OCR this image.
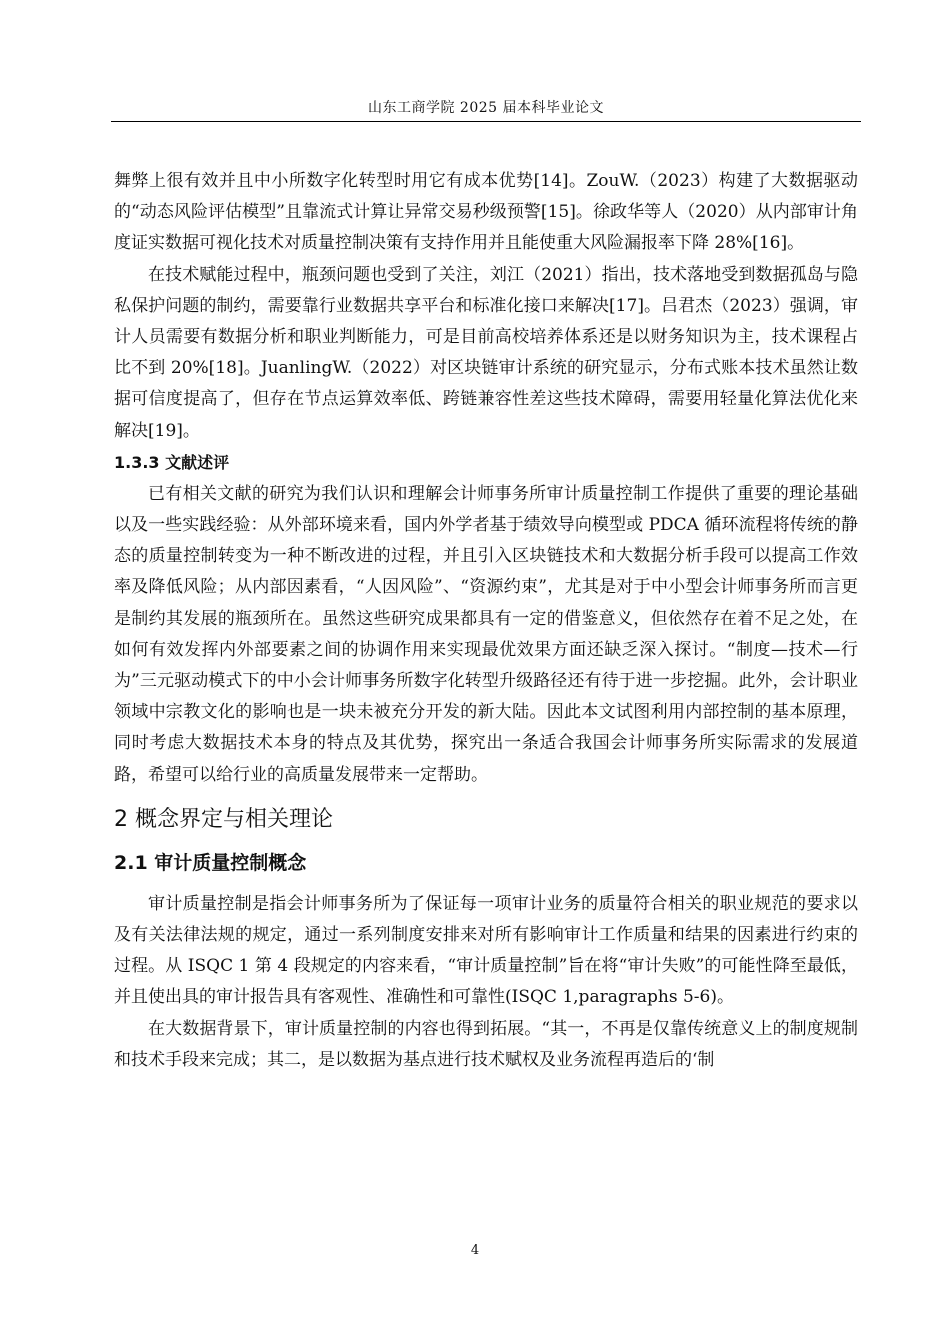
山东工商学院 2025 届本科毕业论文

舞弊上很有效并且中小所数字化转型时用它有成本优势[14]。ZouW.（2023）构建了大数据驱动的“动态风险评估模型”且靠流式计算让异常交易秒级预警[15]。徐政华等人（2020）从内部审计角度证实数据可视化技术对质量控制决策有支持作用并且能使重大风险漏报率下降 28%[16]。

在技术赋能过程中，瓶颈问题也受到了关注，刘江（2021）指出，技术落地受到数据孤岛与隐私保护问题的制约，需要靠行业数据共享平台和标准化接口来解决[17]。吕君杰（2023）强调，审计人员需要有数据分析和职业判断能力，可是目前高校培养体系还是以财务知识为主，技术课程占比不到 20%[18]。JuanlingW.（2022）对区块链审计系统的研究显示，分布式账本技术虽然让数据可信度提高了，但存在节点运算效率低、跨链兼容性差这些技术障碍，需要用轻量化算法优化来解决[19]。

1.3.3 文献述评

已有相关文献的研究为我们认识和理解会计师事务所审计质量控制工作提供了重要的理论基础以及一些实践经验：从外部环境来看，国内外学者基于绩效导向模型或 PDCA 循环流程将传统的静态的质量控制转变为一种不断改进的过程，并且引入区块链技术和大数据分析手段可以提高工作效率及降低风险；从内部因素看，“人因风险”、“资源约束”，尤其是对于中小型会计师事务所而言更是制约其发展的瓶颈所在。虽然这些研究成果都具有一定的借鉴意义，但依然存在着不足之处，在如何有效发挥内外部要素之间的协调作用来实现最优效果方面还缺乏深入探讨。“制度—技术—行为”三元驱动模式下的中小会计师事务所数字化转型升级路径还有待于进一步挖掘。此外，会计职业领域中宗教文化的影响也是一块未被充分开发的新大陆。因此本文试图利用内部控制的基本原理，同时考虑大数据技术本身的特点及其优势，探究出一条适合我国会计师事务所实际需求的发展道路，希望可以给行业的高质量发展带来一定帮助。

2 概念界定与相关理论
2.1 审计质量控制概念

审计质量控制是指会计师事务所为了保证每一项审计业务的质量符合相关的职业规范的要求以及有关法律法规的规定，通过一系列制度安排来对所有影响审计工作质量和结果的因素进行约束的过程。从 ISQC 1 第 4 段规定的内容来看，“审计质量控制”旨在将“审计失败”的可能性降至最低，并且使出具的审计报告具有客观性、准确性和可靠性(ISQC 1,paragraphs 5-6)。

在大数据背景下，审计质量控制的内容也得到拓展。“其一，不再是仅靠传统意义上的制度规制和技术手段来完成；其二，是以数据为基点进行技术赋权及业务流程再造后的‘制

4
